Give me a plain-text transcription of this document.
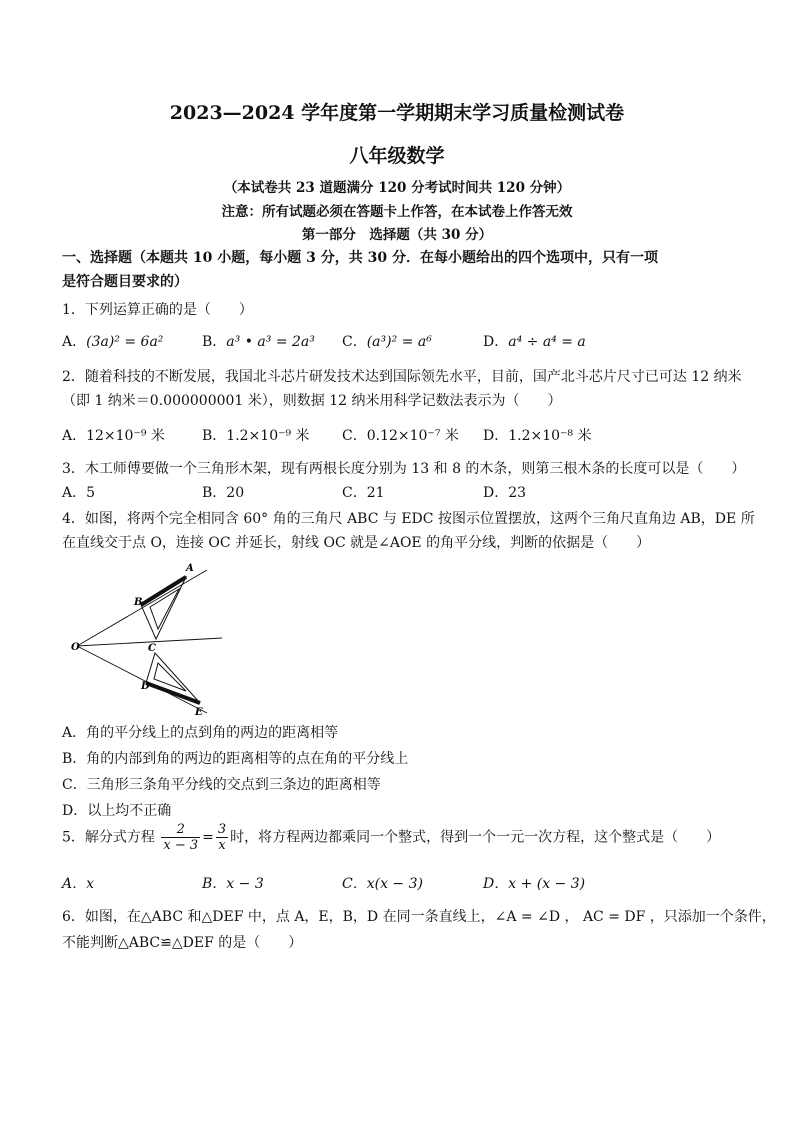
2023—2024 学年度第一学期期末学习质量检测试卷
八年级数学
（本试卷共 23 道题满分 120 分考试时间共 120 分钟）
注意：所有试题必须在答题卡上作答，在本试卷上作答无效
第一部分　选择题（共 30 分）
一、选择题（本题共 10 小题，每小题 3 分，共 30 分．在每小题给出的四个选项中，只有一项
是符合题目要求的）
1．下列运算正确的是（　　）
A．(3a)² = 6a²	B．a³ • a³ = 2a³ C．(a³)² = a⁶	D．a⁴ ÷ a⁴ = a
2．随着科技的不断发展，我国北斗芯片研发技术达到国际领先水平，目前，国产北斗芯片尺寸已可达 12 纳米
（即 1 纳米＝0.000000001 米），则数据 12 纳米用科学记数法表示为（　　）
A．12×10⁻⁹ 米	B．1.2×10⁻⁹ 米 C．0.12×10⁻⁷ 米 D．1.2×10⁻⁸ 米
3．木工师傅要做一个三角形木架，现有两根长度分别为 13 和 8 的木条，则第三根木条的长度可以是（　　）
A．5	B．20	C．21	D．23
4．如图，将两个完全相同含 60° 角的三角尺 ABC 与 EDC 按图示位置摆放，这两个三角尺直角边 AB，DE 所
在直线交于点 O，连接 OC 并延长，射线 OC 就是∠AOE 的角平分线，判断的依据是（　　）
A
B
C
D
E
O
A．角的平分线上的点到角的两边的距离相等
B．角的内部到角的两边的距离相等的点在角的平分线上
C．三角形三条角平分线的交点到三条边的距离相等
D．以上均不正确
5．解分式方程 $\frac{2}{x - 3} = \frac{3}{x}$ 时，将方程两边都乘同一个整式，得到一个一元一次方程，这个整式是（　　）
A．x	B．x − 3	C．x(x − 3)	D．x + (x − 3)
6．如图，在△ABC 和△DEF 中，点 A，E，B，D 在同一条直线上，∠A = ∠D ， AC = DF ，只添加一个条件，
不能判断△ABC≌△DEF 的是（　　）
